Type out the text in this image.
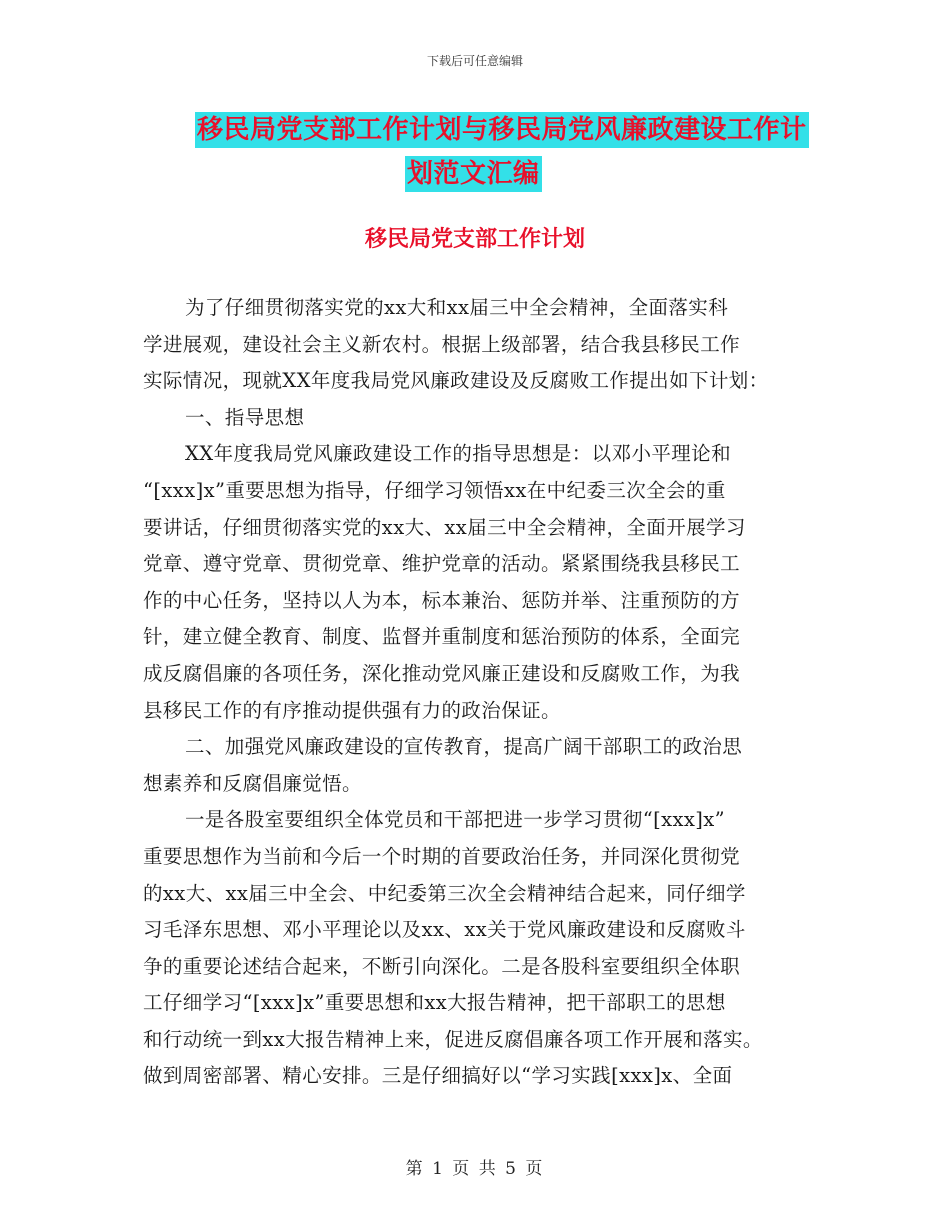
下载后可任意编辑
移民局党支部工作计划与移民局党风廉政建设工作计
划范文汇编
移民局党支部工作计划
为了仔细贯彻落实党的xx大和xx届三中全会精神，全面落实科
学进展观，建设社会主义新农村。根据上级部署，结合我县移民工作
实际情况，现就XX年度我局党风廉政建设及反腐败工作提出如下计划：
一、指导思想
XX年度我局党风廉政建设工作的指导思想是：以邓小平理论和
“[xxx]x”重要思想为指导，仔细学习领悟xx在中纪委三次全会的重
要讲话，仔细贯彻落实党的xx大、xx届三中全会精神，全面开展学习
党章、遵守党章、贯彻党章、维护党章的活动。紧紧围绕我县移民工
作的中心任务，坚持以人为本，标本兼治、惩防并举、注重预防的方
针，建立健全教育、制度、监督并重制度和惩治预防的体系，全面完
成反腐倡廉的各项任务，深化推动党风廉正建设和反腐败工作，为我
县移民工作的有序推动提供强有力的政治保证。
二、加强党风廉政建设的宣传教育，提高广阔干部职工的政治思
想素养和反腐倡廉觉悟。
一是各股室要组织全体党员和干部把进一步学习贯彻“[xxx]x”
重要思想作为当前和今后一个时期的首要政治任务，并同深化贯彻党
的xx大、xx届三中全会、中纪委第三次全会精神结合起来，同仔细学
习毛泽东思想、邓小平理论以及xx、xx关于党风廉政建设和反腐败斗
争的重要论述结合起来，不断引向深化。二是各股科室要组织全体职
工仔细学习“[xxx]x”重要思想和xx大报告精神，把干部职工的思想
和行动统一到xx大报告精神上来，促进反腐倡廉各项工作开展和落实。
做到周密部署、精心安排。三是仔细搞好以“学习实践[xxx]x、全面
第 1 页 共 5 页
